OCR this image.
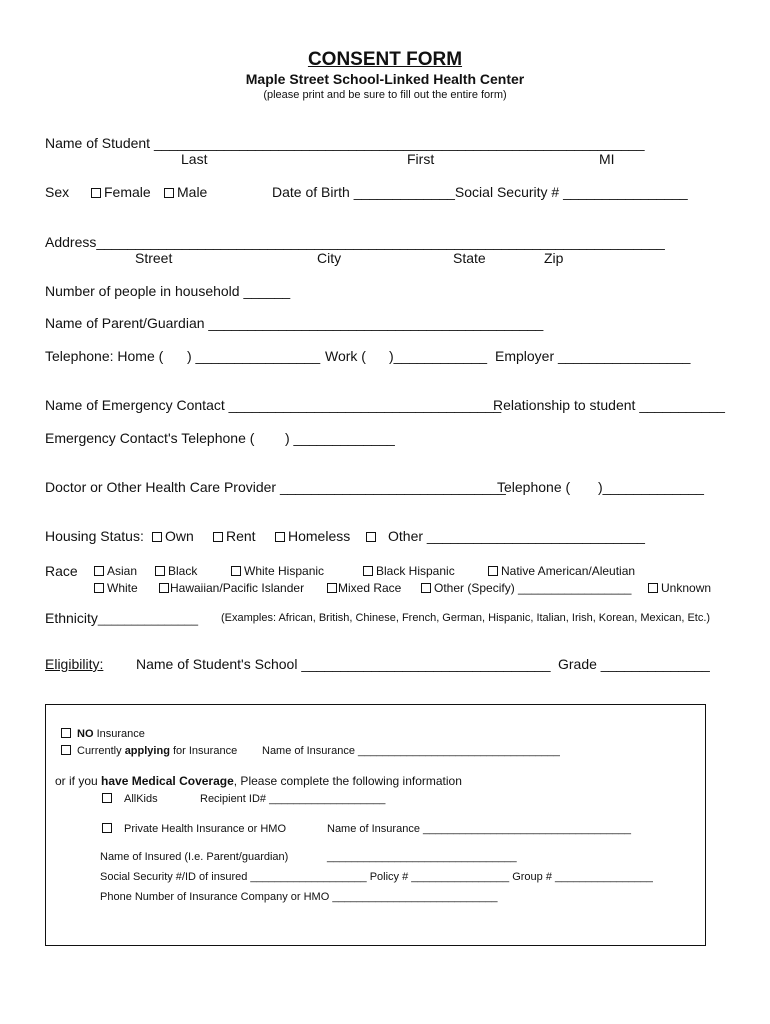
CONSENT FORM
Maple Street School-Linked Health Center
(please print and be sure to fill out the entire form)
Name of Student _______________________________________________________________
Last	First	MI
Sex	Female	Male	Date of Birth _____________Social Security # ________________
Address_________________________________________________________________________
Street	City	State	Zip
Number of people in household ______
Name of Parent/Guardian ___________________________________________
Telephone: Home ( ) ________________ Work ( )____________ Employer _________________
Name of Emergency Contact ___________________________________
Relationship to student ___________
Emergency Contact's Telephone ( ) _____________
Doctor or Other Health Care Provider _____________________________
Telephone ( )_____________
Housing Status:	Own	Rent	Homeless	Other ____________________________
Race	Asian	Black	White Hispanic	Black Hispanic	Native American/Aleutian
White	Hawaiian/Pacific Islander	Mixed Race	Other (Specify) _________________	Unknown
Ethnicity_______________ (Examples: African, British, Chinese, French, German, Hispanic, Italian, Irish, Korean, Mexican, Etc.)
Eligibility: Name of Student's School ________________________________ Grade ______________
NO Insurance
Currently applying for Insurance Name of Insurance _________________________________
or if you have Medical Coverage, Please complete the following information
AllKids	Recipient ID# ___________________
Private Health Insurance or HMO	Name of Insurance __________________________________
Name of Insured (I.e. Parent/guardian)	_______________________________
Social Security #/ID of insured ___________________ Policy # ________________ Group # ________________
Phone Number of Insurance Company or HMO ___________________________
